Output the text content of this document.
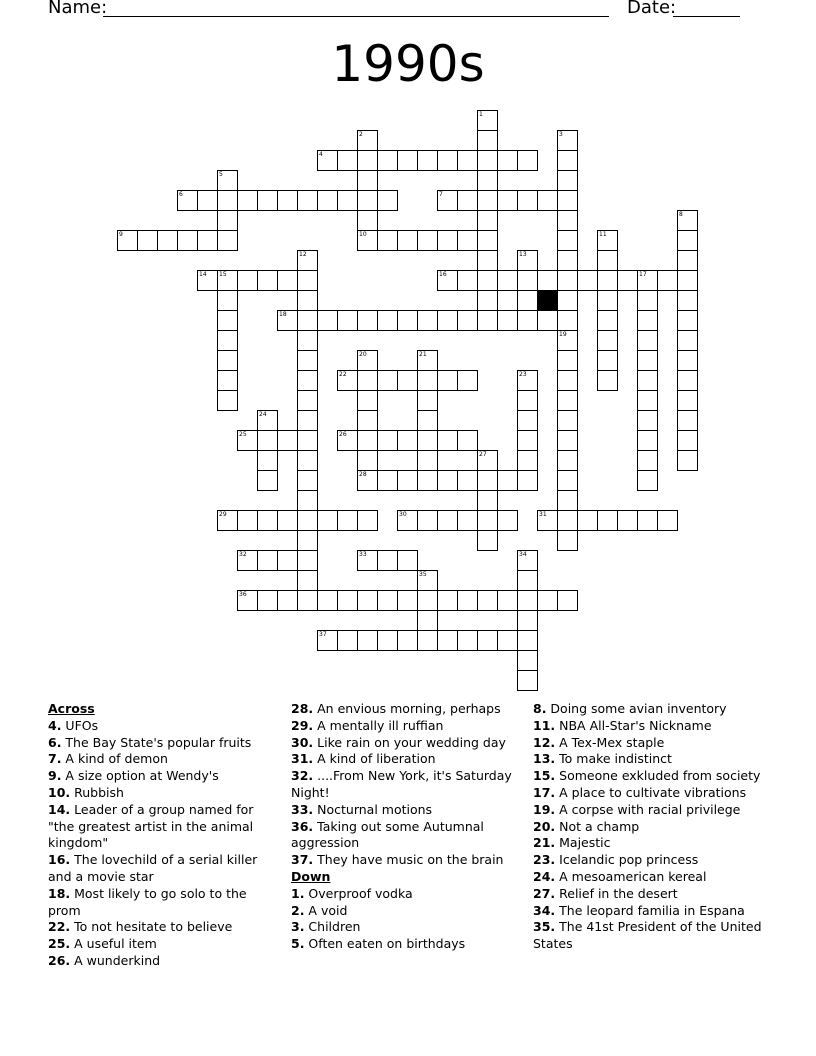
Name:	Date:
1990s
4
6	7
9	10
14 15	16	17
18
22
25	26
28
29	30	31
32	33
36
37
1
2	3
5
8
11
12	13
19
20	21
23
24
27
34
35

Across

4. UFOs

6. The Bay State's popular fruits

7. A kind of demon

9. A size option at Wendy's

10. Rubbish

14. Leader of a group named for "the greatest artist in the animal kingdom"

16. The lovechild of a serial killer and a movie star

18. Most likely to go solo to the prom

22. To not hesitate to believe

25. A useful item

26. A wunderkind

28. An envious morning, perhaps

29. A mentally ill ruffian

30. Like rain on your wedding day

31. A kind of liberation

32. ....From New York, it's Saturday Night!

33. Nocturnal motions

36. Taking out some Autumnal aggression

37. They have music on the brain

Down

1. Overproof vodka

2. A void

3. Children

5. Often eaten on birthdays

8. Doing some avian inventory

11. NBA All-Star's Nickname

12. A Tex-Mex staple

13. To make indistinct

15. Someone exkluded from society

17. A place to cultivate vibrations

19. A corpse with racial privilege

20. Not a champ

21. Majestic

23. Icelandic pop princess

24. A mesoamerican kereal

27. Relief in the desert

34. The leopard familia in Espana

35. The 41st President of the United States
